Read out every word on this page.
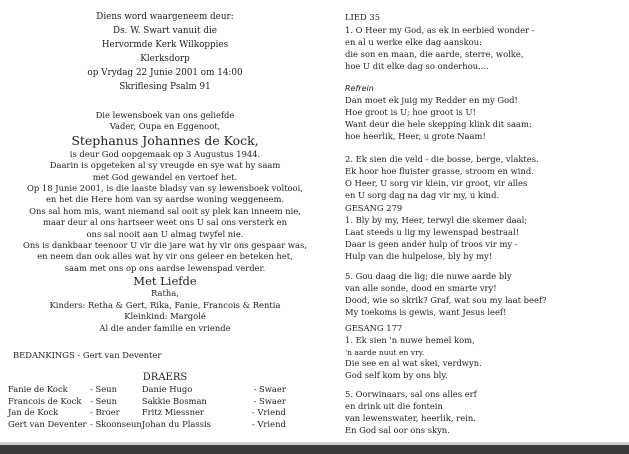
Diens word waargeneem deur:
Ds. W. Swart vanuit die
Hervormde Kerk Wilkoppies
Klerksdorp
op Vrydag 22 Junie 2001 om 14:00
Skriflesing Psalm 91
Die lewensboek van ons geliefde
Vader, Oupa en Eggenoot,
Stephanus Johannes de Kock,
is deur God oopgemaak op 3 Augustus 1944.
Daarin is opgeteken al sy vreugde en sye wat hy saam
met God gewandel en vertoef het.
Op 18 Junie 2001, is die laaste bladsy van sy lewensboek voltooi,
en het die Here hom van sy aardse woning weggeneem.
Ons sal hom mis, want niemand sal ooit sy plek kan inneem nie,
maar deur al ons hartseer weet ons U sal ons versterk en
ons sal nooit aan U almag twyfel nie.
Ons is dankbaar teenoor U vir die jare wat hy vir ons gespaar was,
en neem dan ook alles wat hy vir ons geleer en beteken het,
saam met ons op ons aardse lewenspad verder.
Met Liefde
Ratha,
Kinders: Retha & Gert, Rika, Fanie, Francois & Rentia
Kleinkind: Margolé
Al die ander familie en vriende
BEDANKINGS - Gert van Deventer
DRAERS
Fanie de Kock	- Seun	Danie Hugo	- Swaer
Francois de Kock	- Seun	Sakkie Bosman	- Swaer
Jan de Kock	- Broer	Fritz Miessner	- Vriend
Gert van Deventer	- Skoonseun	Johan du Plassis	- Vriend
LIED 35
1. O Heer my God, as ek in eerbied wonder -
en al u werke elke dag aanskou:
die son en maan, die aarde, sterre, wolke,
hoe U dit elke dag so onderhou....
Refrein
Dan moet ek juig my Redder en my God!
Hoe groot is U; hoe groot is U!
Want deur die hele skepping klink dit saam:
hoe heerlik, Heer, u grote Naam!
2. Ek sien die veld - die bosse, berge, vlaktes.
Ek hoor hoe fluister grasse, stroom en wind.
O Heer, U sorg vir klein, vir groot, vir alles
en U sorg dag na dag vir my, u kind.
GESANG 279
1. Bly by my, Heer, terwyl die skemer daal;
Laat steeds u lig my lewenspad bestraal!
Daar is geen ander hulp of troos vir my -
Hulp van die hulpelose, bly by my!
5. Gou daag die lig; die nuwe aarde bly
van alle sonde, dood en smarte vry!
Dood, wie so skrik? Graf, wat sou my laat beef?
My toekoms is gewis, want Jesus leef!
GESANG 177
1. Ek sien 'n nuwe hemel kom,
'n aarde nuut en vry.
Die see en al wat skei, verdwyn.
God self kom by ons bly.
5. Oorwinaars, sal ons alles erf
en drink uit die fontein
van lewenswater, heerlik, rein.
En God sal oor ons skyn.
